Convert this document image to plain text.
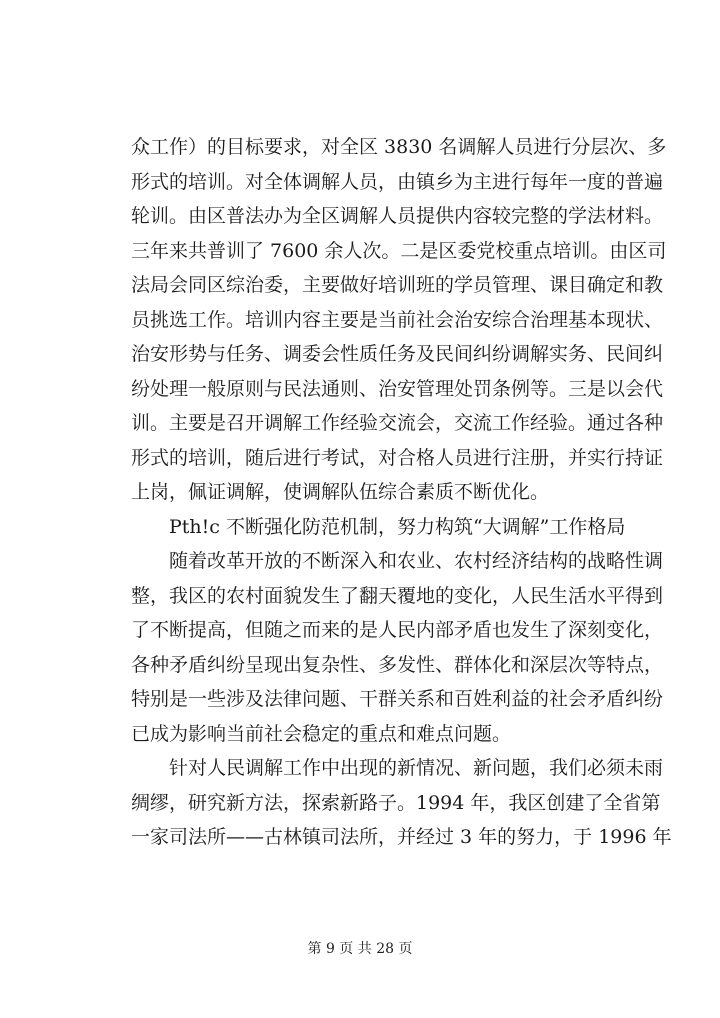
众工作）的目标要求，对全区 3830 名调解人员进行分层次、多
形式的培训。对全体调解人员，由镇乡为主进行每年一度的普遍
轮训。由区普法办为全区调解人员提供内容较完整的学法材料。
三年来共普训了 7600 余人次。二是区委党校重点培训。由区司
法局会同区综治委，主要做好培训班的学员管理、课目确定和教
员挑选工作。培训内容主要是当前社会治安综合治理基本现状、
治安形势与任务、调委会性质任务及民间纠纷调解实务、民间纠
纷处理一般原则与民法通则、治安管理处罚条例等。三是以会代
训。主要是召开调解工作经验交流会，交流工作经验。通过各种
形式的培训，随后进行考试，对合格人员进行注册，并实行持证
上岗，佩证调解，使调解队伍综合素质不断优化。
Pth!c 不断强化防范机制，努力构筑“大调解”工作格局
随着改革开放的不断深入和农业、农村经济结构的战略性调
整，我区的农村面貌发生了翻天覆地的变化，人民生活水平得到
了不断提高，但随之而来的是人民内部矛盾也发生了深刻变化，
各种矛盾纠纷呈现出复杂性、多发性、群体化和深层次等特点，
特别是一些涉及法律问题、干群关系和百姓利益的社会矛盾纠纷
已成为影响当前社会稳定的重点和难点问题。
针对人民调解工作中出现的新情况、新问题，我们必须未雨
绸缪，研究新方法，探索新路子。1994 年，我区创建了全省第
一家司法所——古林镇司法所，并经过 3 年的努力，于 1996 年
第 9 页 共 28 页
